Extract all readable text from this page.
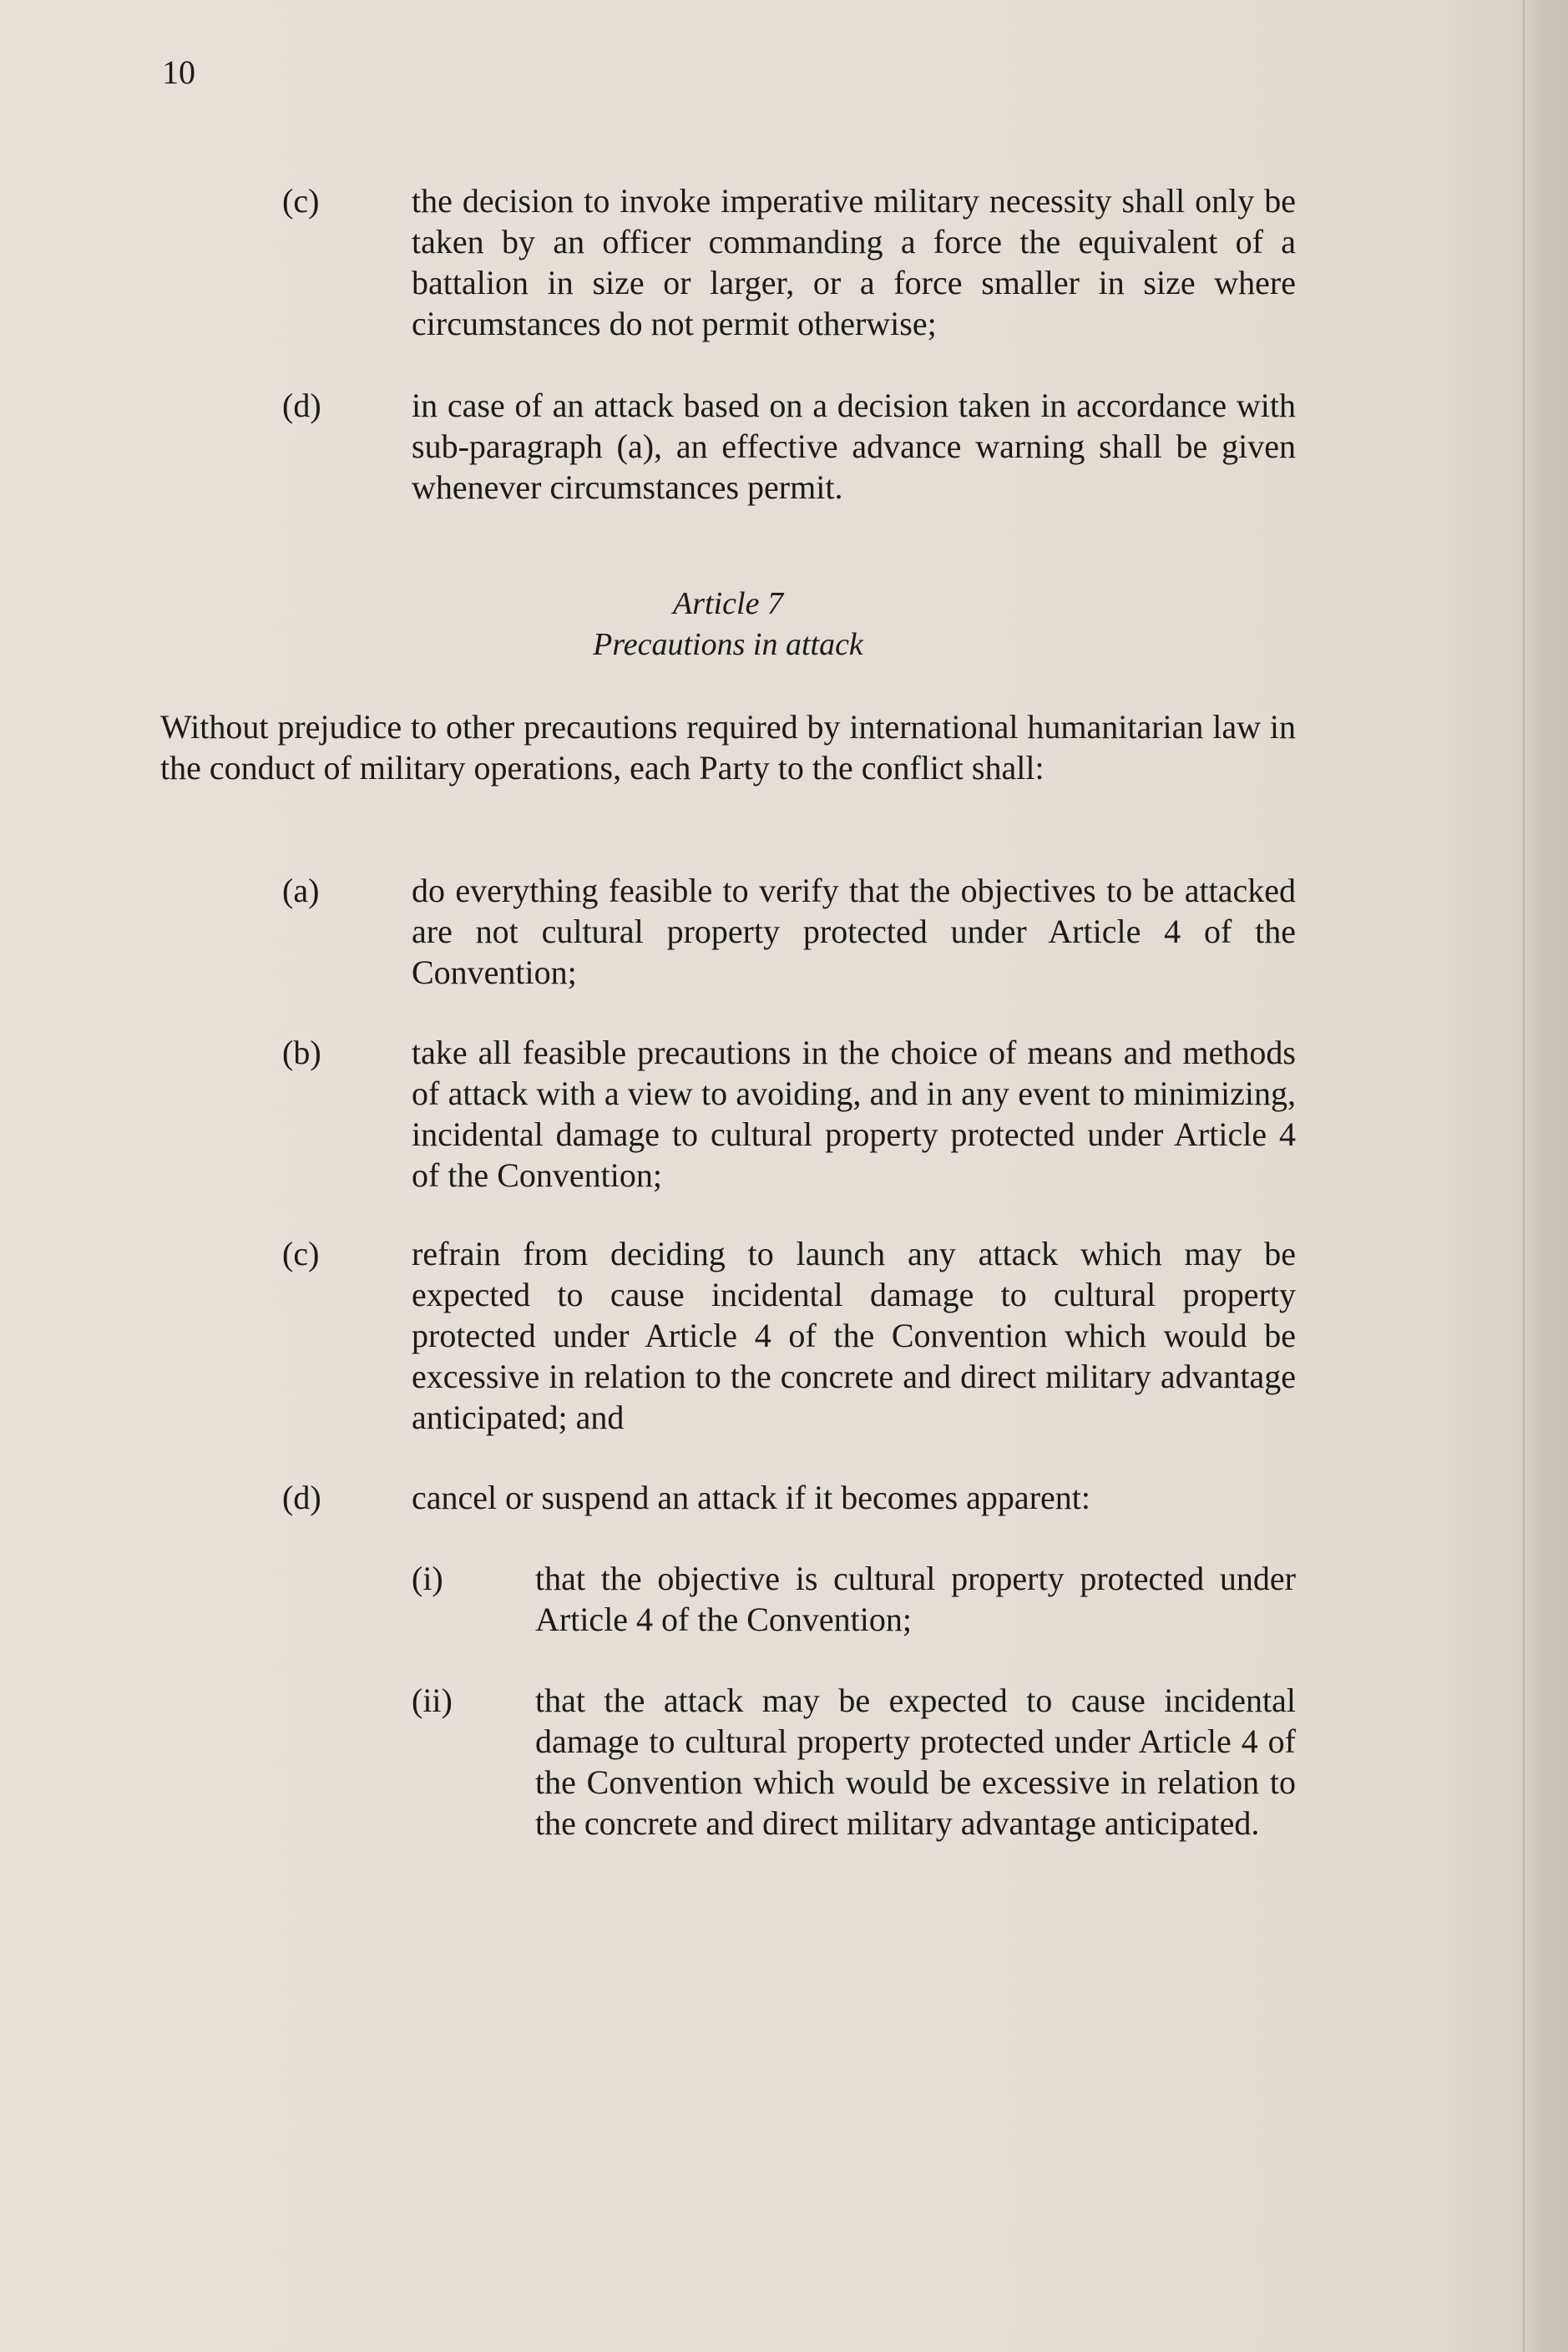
10
(c)	the decision to invoke imperative military necessity shall only be taken by an officer commanding a force the equivalent of a battalion in size or larger, or a force smaller in size where circumstances do not permit otherwise;
(d)	in case of an attack based on a decision taken in accordance with sub-paragraph (a), an effective advance warning shall be given whenever circumstances permit.
Article 7
Precautions in attack
Without prejudice to other precautions required by international humanitarian law in the conduct of military operations, each Party to the conflict shall:
(a)	do everything feasible to verify that the objectives to be attacked are not cultural property protected under Article 4 of the Convention;
(b)	take all feasible precautions in the choice of means and methods of attack with a view to avoiding, and in any event to minimizing, incidental damage to cultural property protected under Article 4 of the Convention;
(c)	refrain from deciding to launch any attack which may be expected to cause incidental damage to cultural property protected under Article 4 of the Convention which would be excessive in relation to the concrete and direct military advantage anticipated; and
(d)	cancel or suspend an attack if it becomes apparent:
(i)	that the objective is cultural property protected under Article 4 of the Convention;
(ii) that the attack may be expected to cause incidental damage to cultural property protected under Article 4 of the Convention which would be excessive in relation to the concrete and direct military advantage anticipated.
